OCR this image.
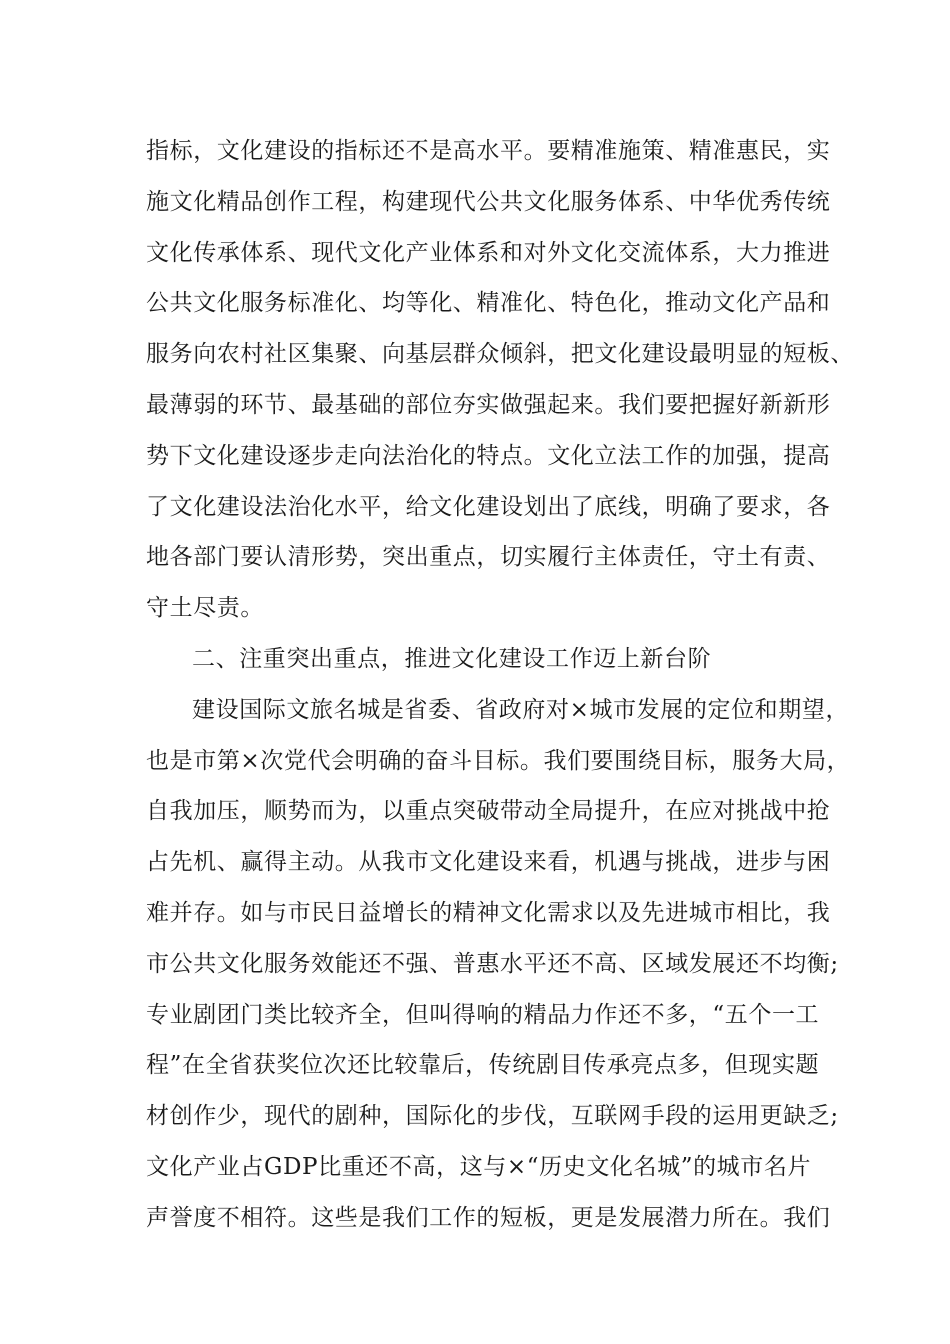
指标，文化建设的指标还不是高水平。要精准施策、精准惠民，实
施文化精品创作工程，构建现代公共文化服务体系、中华优秀传统
文化传承体系、现代文化产业体系和对外文化交流体系，大力推进
公共文化服务标准化、均等化、精准化、特色化，推动文化产品和
服务向农村社区集聚、向基层群众倾斜，把文化建设最明显的短板、
最薄弱的环节、最基础的部位夯实做强起来。我们要把握好新新形
势下文化建设逐步走向法治化的特点。文化立法工作的加强，提高
了文化建设法治化水平，给文化建设划出了底线，明确了要求，各
地各部门要认清形势，突出重点，切实履行主体责任，守土有责、
守土尽责。
二、注重突出重点，推进文化建设工作迈上新台阶
建设国际文旅名城是省委、省政府对×城市发展的定位和期望，
也是市第×次党代会明确的奋斗目标。我们要围绕目标，服务大局，
自我加压，顺势而为，以重点突破带动全局提升，在应对挑战中抢
占先机、赢得主动。从我市文化建设来看，机遇与挑战，进步与困
难并存。如与市民日益增长的精神文化需求以及先进城市相比，我
市公共文化服务效能还不强、普惠水平还不高、区域发展还不均衡;
专业剧团门类比较齐全，但叫得响的精品力作还不多，“五个一工
程”在全省获奖位次还比较靠后，传统剧目传承亮点多，但现实题
材创作少，现代的剧种，国际化的步伐，互联网手段的运用更缺乏;
文化产业占GDP比重还不高，这与×“历史文化名城”的城市名片
声誉度不相符。这些是我们工作的短板，更是发展潜力所在。我们
